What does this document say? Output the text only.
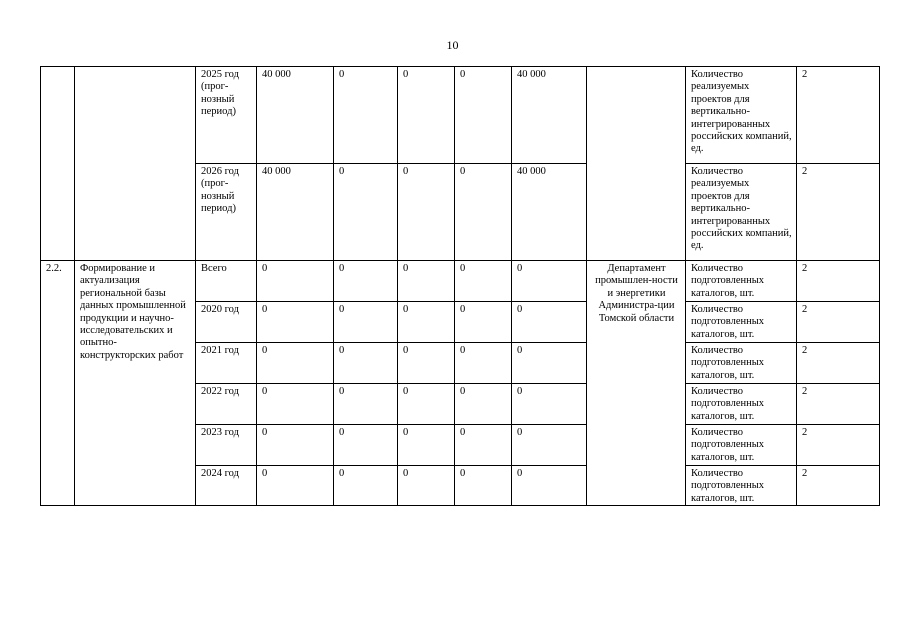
10

		2025 год
(прог-
нозный
период)	40 000	0	0	0	40 000		Количество реализуемых проектов для вертикально-интегрированных российских компаний, ед.	2

		2026 год
(прог-
нозный
период)	40 000	0	0	0	40 000		Количество реализуемых проектов для вертикально-интегрированных российских компаний, ед.	2
2.2.	Формирование и актуализация региональной базы данных промышленной продукции и научно-исследовательских и опытно-конструкторских работ	Всего	0	0	0	0	0	Департамент промышлен-ности и энергетики Администра-ции Томской области	Количество подготовленных каталогов, шт.	2
		2020 год	0	0	0	0	0		Количество подготовленных каталогов, шт.	2
		2021 год	0	0	0	0	0		Количество подготовленных каталогов, шт.	2
		2022 год	0	0	0	0	0		Количество подготовленных каталогов, шт.	2
		2023 год	0	0	0	0	0		Количество подготовленных каталогов, шт.	2
		2024 год	0	0	0	0	0		Количество подготовленных каталогов, шт.	2
